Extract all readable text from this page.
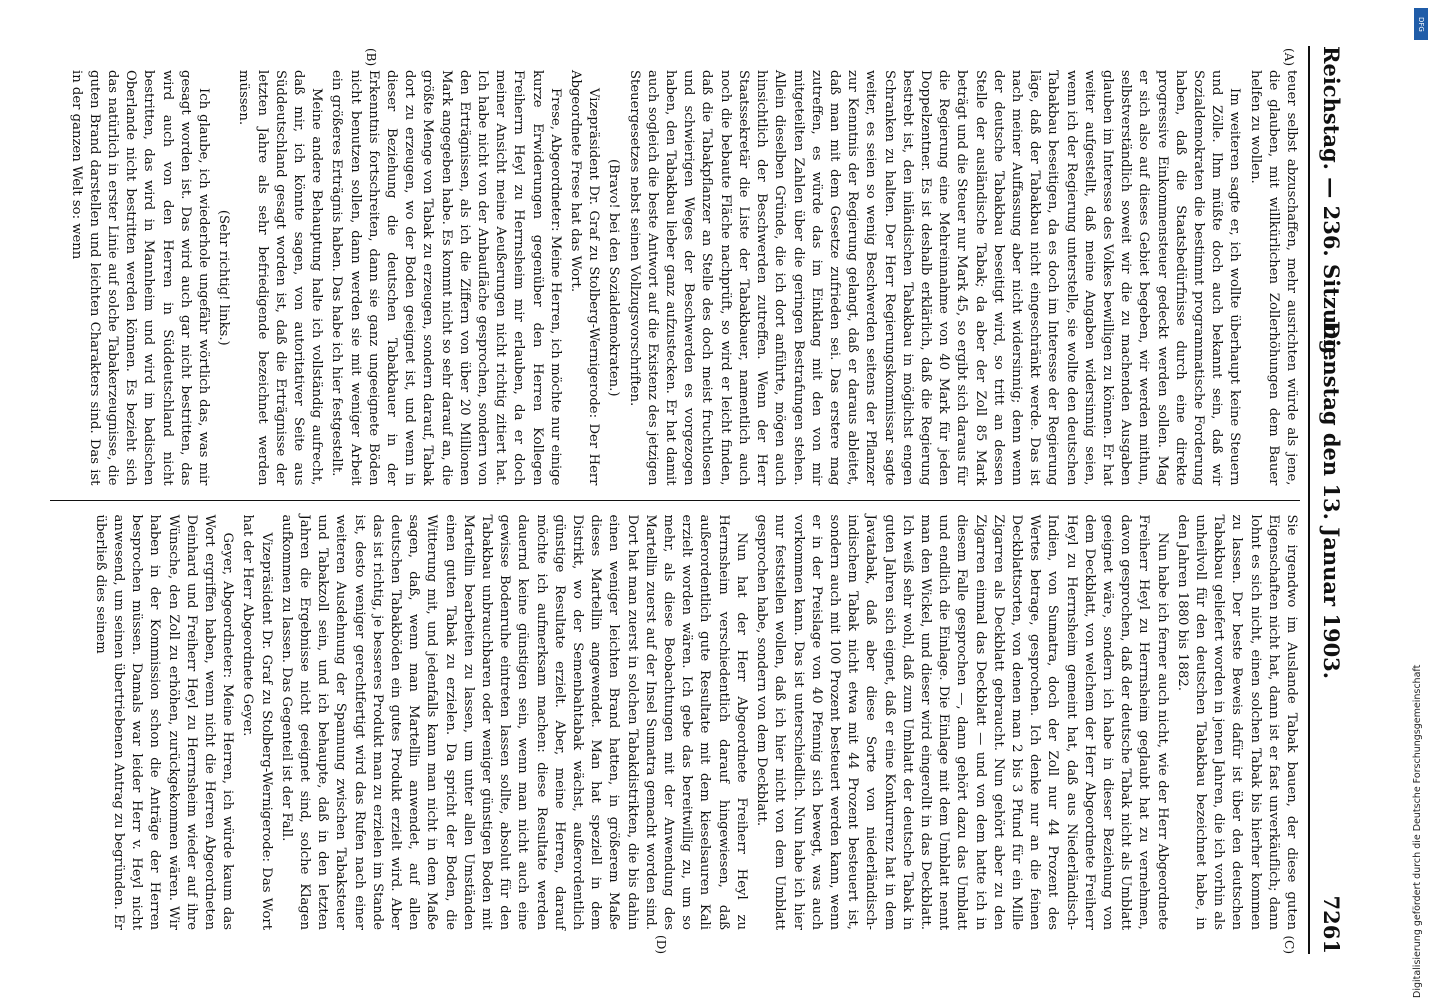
Reichstag. — 236. Sitzung.
Dienstag den 13. Januar 1903.
7261
(A)
(B)

teuer selbst abzuschaffen, mehr ausrichten würde als jene, die glauben, mit willkürlichen Zollerhöhungen dem Bauer helfen zu wollen.

Im weiteren sagte er, ich wollte überhaupt keine Steuern und Zölle. Ihm müßte doch auch bekannt sein, daß wir Sozialdemokraten die bestimmt programmatische Forderung haben, daß die Staatsbedürfnisse durch eine direkte progressive Einkommensteuer gedeckt werden sollen. Mag er sich also auf dieses Gebiet begeben, wir werden mithun, selbstverständlich soweit wir die zu machenden Ausgaben glauben im Interesse des Volkes bewilligen zu können. Er hat weiter aufgestellt, daß meine Angaben widersinnig seien, wenn ich der Regierung unterstelle, sie wollte den deutschen Tabakbau beseitigen, da es doch im Interesse der Regierung läge, daß der Tabakbau nicht eingeschränkt werde. Das ist nach meiner Auffassung aber nicht widersinnig; denn wenn der deutsche Tabakbau beseitigt wird, so tritt an dessen Stelle der ausländische Tabak; da aber der Zoll 85 Mark beträgt und die Steuer nur Mark 45, so ergibt sich daraus für die Regierung eine Mehreinnahme von 40 Mark für jeden Doppelzentner. Es ist deshalb erklärlich, daß die Regierung bestrebt ist, den inländischen Tabakbau in möglichst engen Schranken zu halten. Der Herr Regierungskommissar sagte weiter, es seien so wenig Beschwerden seitens der Pflanzer zur Kenntnis der Regierung gelangt, daß er daraus ableitet, daß man mit dem Gesetze zufrieden sei. Das erstere mag zutreffen, es würde das im Einklang mit den von mir mitgeteilten Zahlen über die geringen Bestrafungen stehen. Allein dieselben Gründe, die ich dort anführte, mögen auch hinsichtlich der Beschwerden zutreffen. Wenn der Herr Staatssekretär die Liste der Tabakbauer, namentlich auch noch die bebaute Fläche nachprüft, so wird er leicht finden, daß die Tabakpflanzer an Stelle des doch meist fruchtlosen und schwierigen Weges der Beschwerden es vorgezogen haben, den Tabakbau lieber ganz aufzustecken. Er hat damit auch sogleich die beste Antwort auf die Existenz des jetzigen Steuergesetzes nebst seinen Vollzugsvorschriften.

(Bravo! bei den Sozialdemokraten.)

Vizepräsident Dr. Graf zu Stolberg-Wernigerode: Der Herr Abgeordnete Frese hat das Wort.

Frese, Abgeordneter: Meine Herren, ich möchte nur einige kurze Erwiderungen gegenüber den Herren Kollegen Freiherrn Heyl zu Herrnsheim mir erlauben, da er doch meiner Ansicht meine Aeußerungen nicht richtig zitiert hat. Ich habe nicht von der Anbaufläche gesprochen, sondern von den Erträgnissen, als ich die Ziffern von über 20 Millionen Mark angegeben habe. Es kommt nicht so sehr darauf an, die größte Menge von Tabak zu erzeugen, sondern darauf, Tabak dort zu erzeugen, wo der Boden geeignet ist, und wenn in dieser Beziehung die deutschen Tabakbauer in der Erkenntnis fortschreiten, dann sie ganz ungeeignete Böden nicht benutzen sollen, dann werden sie mit weniger Arbeit ein größeres Erträgnis haben. Das habe ich hier festgestellt.

Meine andere Behauptung halte ich vollständig aufrecht, daß mir, ich könnte sagen, von autoritativer Seite aus Süddeutschland gesagt worden ist, daß die Erträgnisse der letzten Jahre als sehr befriedigende bezeichnet werden müssen.

(Sehr richtig! links.)

Ich glaube, ich wiederhole ungefähr wörtlich das, was mir gesagt worden ist. Das wird auch gar nicht bestritten, das wird auch von den Herren in Süddeutschland nicht bestritten, das wird in Mannheim und wird im badischen Oberlande nicht bestritten werden können. Es bezieht sich das natürlich in erster Linie auf solche Tabakerzeugnisse, die guten Brand darstellen und leichten Charakters sind. Das ist in der ganzen Welt so: wenn

(C)
(D)

Sie irgendwo im Auslande Tabak bauen, der diese guten Eigenschaften nicht hat, dann ist er fast unverkäuflich; dann lohnt es sich nicht, einen solchen Tabak bis hierher kommen zu lassen. Der beste Beweis dafür ist über den deutschen Tabakbau geliefert worden in jenen Jahren, die ich vorhin als unheilvoll für den deutschen Tabakbau bezeichnet habe, in den Jahren 1880 bis 1882.

Nun habe ich ferner auch nicht, wie der Herr Abgeordnete Freiherr Heyl zu Herrnsheim geglaubt hat zu vernehmen, davon gesprochen, daß der deutsche Tabak nicht als Umblatt geeignet wäre, sondern ich habe in dieser Beziehung von dem Deckblatt, von welchem der Herr Abgeordnete Freiherr Heyl zu Herrnsheim gemeint hat, daß aus Niederländisch-Indien, von Sumatra, doch der Zoll nur 44 Prozent des Wertes betrage, gesprochen. Ich denke nur an die feinen Deckblattsorten, von denen man 2 bis 3 Pfund für ein Mille Zigarren als Deckblatt gebraucht. Nun gehört aber zu den Zigarren einmal das Deckblatt — und von dem hatte ich in diesem Falle gesprochen —, dann gehört dazu das Umblatt und endlich die Einlage. Die Einlage mit dem Umblatt nennt man den Wickel, und dieser wird eingerollt in das Deckblatt. Ich weiß sehr wohl, daß zum Umblatt der deutsche Tabak in guten Jahren sich eignet, daß er eine Konkurrenz hat in dem Javatabak, daß aber diese Sorte von niederländisch-indischem Tabak nicht etwa mit 44 Prozent besteuert ist, sondern auch mit 100 Prozent besteuert werden kann, wenn er in der Preislage von 40 Pfennig sich bewegt, was auch vorkommen kann. Das ist unterschiedlich. Nun habe ich hier nur feststellen wollen, daß ich hier nicht von dem Umblatt gesprochen habe, sondern von dem Deckblatt.

Nun hat der Herr Abgeordnete Freiherr Heyl zu Herrnsheim verschiedentlich darauf hingewiesen, daß außerordentlich gute Resultate mit dem kieselsauren Kali erzielt worden wären. Ich gebe das bereitwillig zu, um so mehr, als diese Beobachtungen mit der Anwendung des Martellin zuerst auf der Insel Sumatra gemacht worden sind. Dort hat man zuerst in solchen Tabakdistrikten, die bis dahin einen weniger leichten Brand hatten, in größerem Maße dieses Martellin angewendet. Man hat speziell in dem Distrikt, wo der Semenbahtabak wächst, außerordentlich günstige Resultate erzielt. Aber, meine Herren, darauf möchte ich aufmerksam machen: diese Resultate werden dauernd keine günstigen sein, wenn man nicht auch eine gewisse Bodenruhe eintreten lassen sollte, absolut für den Tabakbau unbrauchbaren oder weniger günstigen Boden mit Martellin bearbeiten zu lassen, um unter allen Umständen einen guten Tabak zu erzielen. Da spricht der Boden, die Witterung mit, und jedenfalls kann man nicht in dem Maße sagen, daß, wenn man Martellin anwendet, auf allen deutschen Tabakböden ein gutes Produkt erzielt wird. Aber das ist richtig, je besseres Produkt man zu erzielen im Stande ist, desto weniger gerechtfertigt wird das Rufen nach einer weiteren Ausdehnung der Spannung zwischen Tabaksteuer und Tabakzoll sein, und ich behaupte, daß in den letzten Jahren die Ergebnisse nicht geeignet sind, solche Klagen aufkommen zu lassen. Das Gegenteil ist der Fall.

Vizepräsident Dr. Graf zu Stolberg-Wernigerode: Das Wort hat der Herr Abgeordnete Geyer.

Geyer, Abgeordneter: Meine Herren, ich würde kaum das Wort ergriffen haben, wenn nicht die Herren Abgeordneten Deinhard und Freiherr Heyl zu Herrnsheim wieder auf ihre Wünsche, den Zoll zu erhöhen, zurückgekommen wären. Wir haben in der Kommission schon die Anträge der Herren besprochen müssen. Damals war leider Herr v. Heyl nicht anwesend, um seinen übertriebenen Antrag zu begründen. Er überließ dies seinem

Digitalisierung gefördert durch die Deutsche Forschungsgemeinschaft
DFG
